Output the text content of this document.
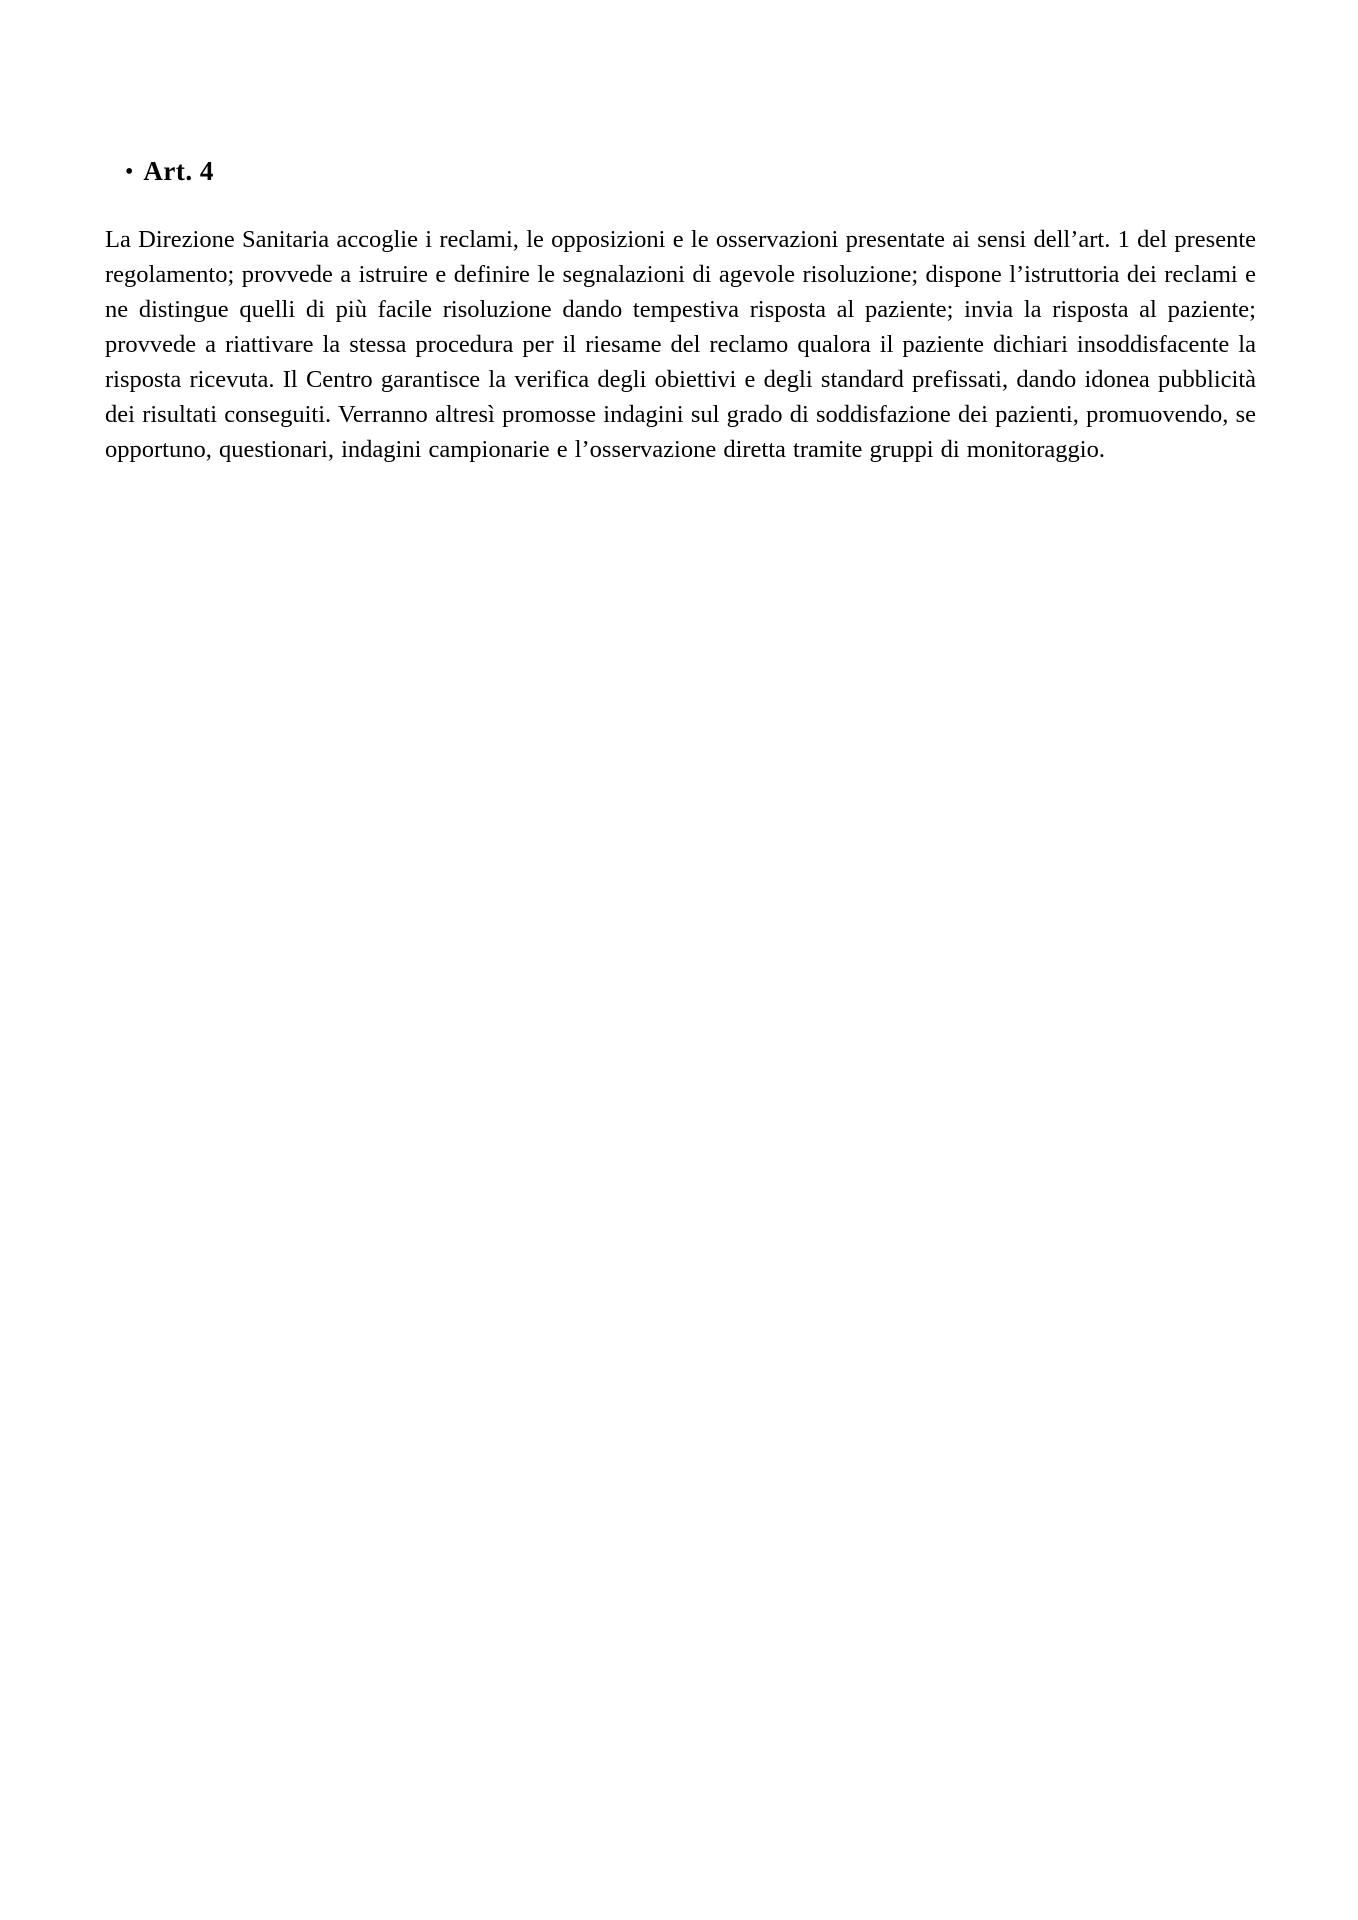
• Art. 4

La Direzione Sanitaria accoglie i reclami, le opposizioni e le osservazioni presentate ai sensi dell’art. 1 del presente regolamento; provvede a istruire e definire le segnalazioni di agevole risoluzione; dispone l’istruttoria dei reclami e ne distingue quelli di più facile risoluzione dando tempestiva risposta al paziente; invia la risposta al paziente; provvede a riattivare la stessa procedura per il riesame del reclamo qualora il paziente dichiari insoddisfacente la risposta ricevuta. Il Centro garantisce la verifica degli obiettivi e degli standard prefissati, dando idonea pubblicità dei risultati conseguiti. Verranno altresì promosse indagini sul grado di soddisfazione dei pazienti, promuovendo, se opportuno, questionari, indagini campionarie e l’osservazione diretta tramite gruppi di monitoraggio.
